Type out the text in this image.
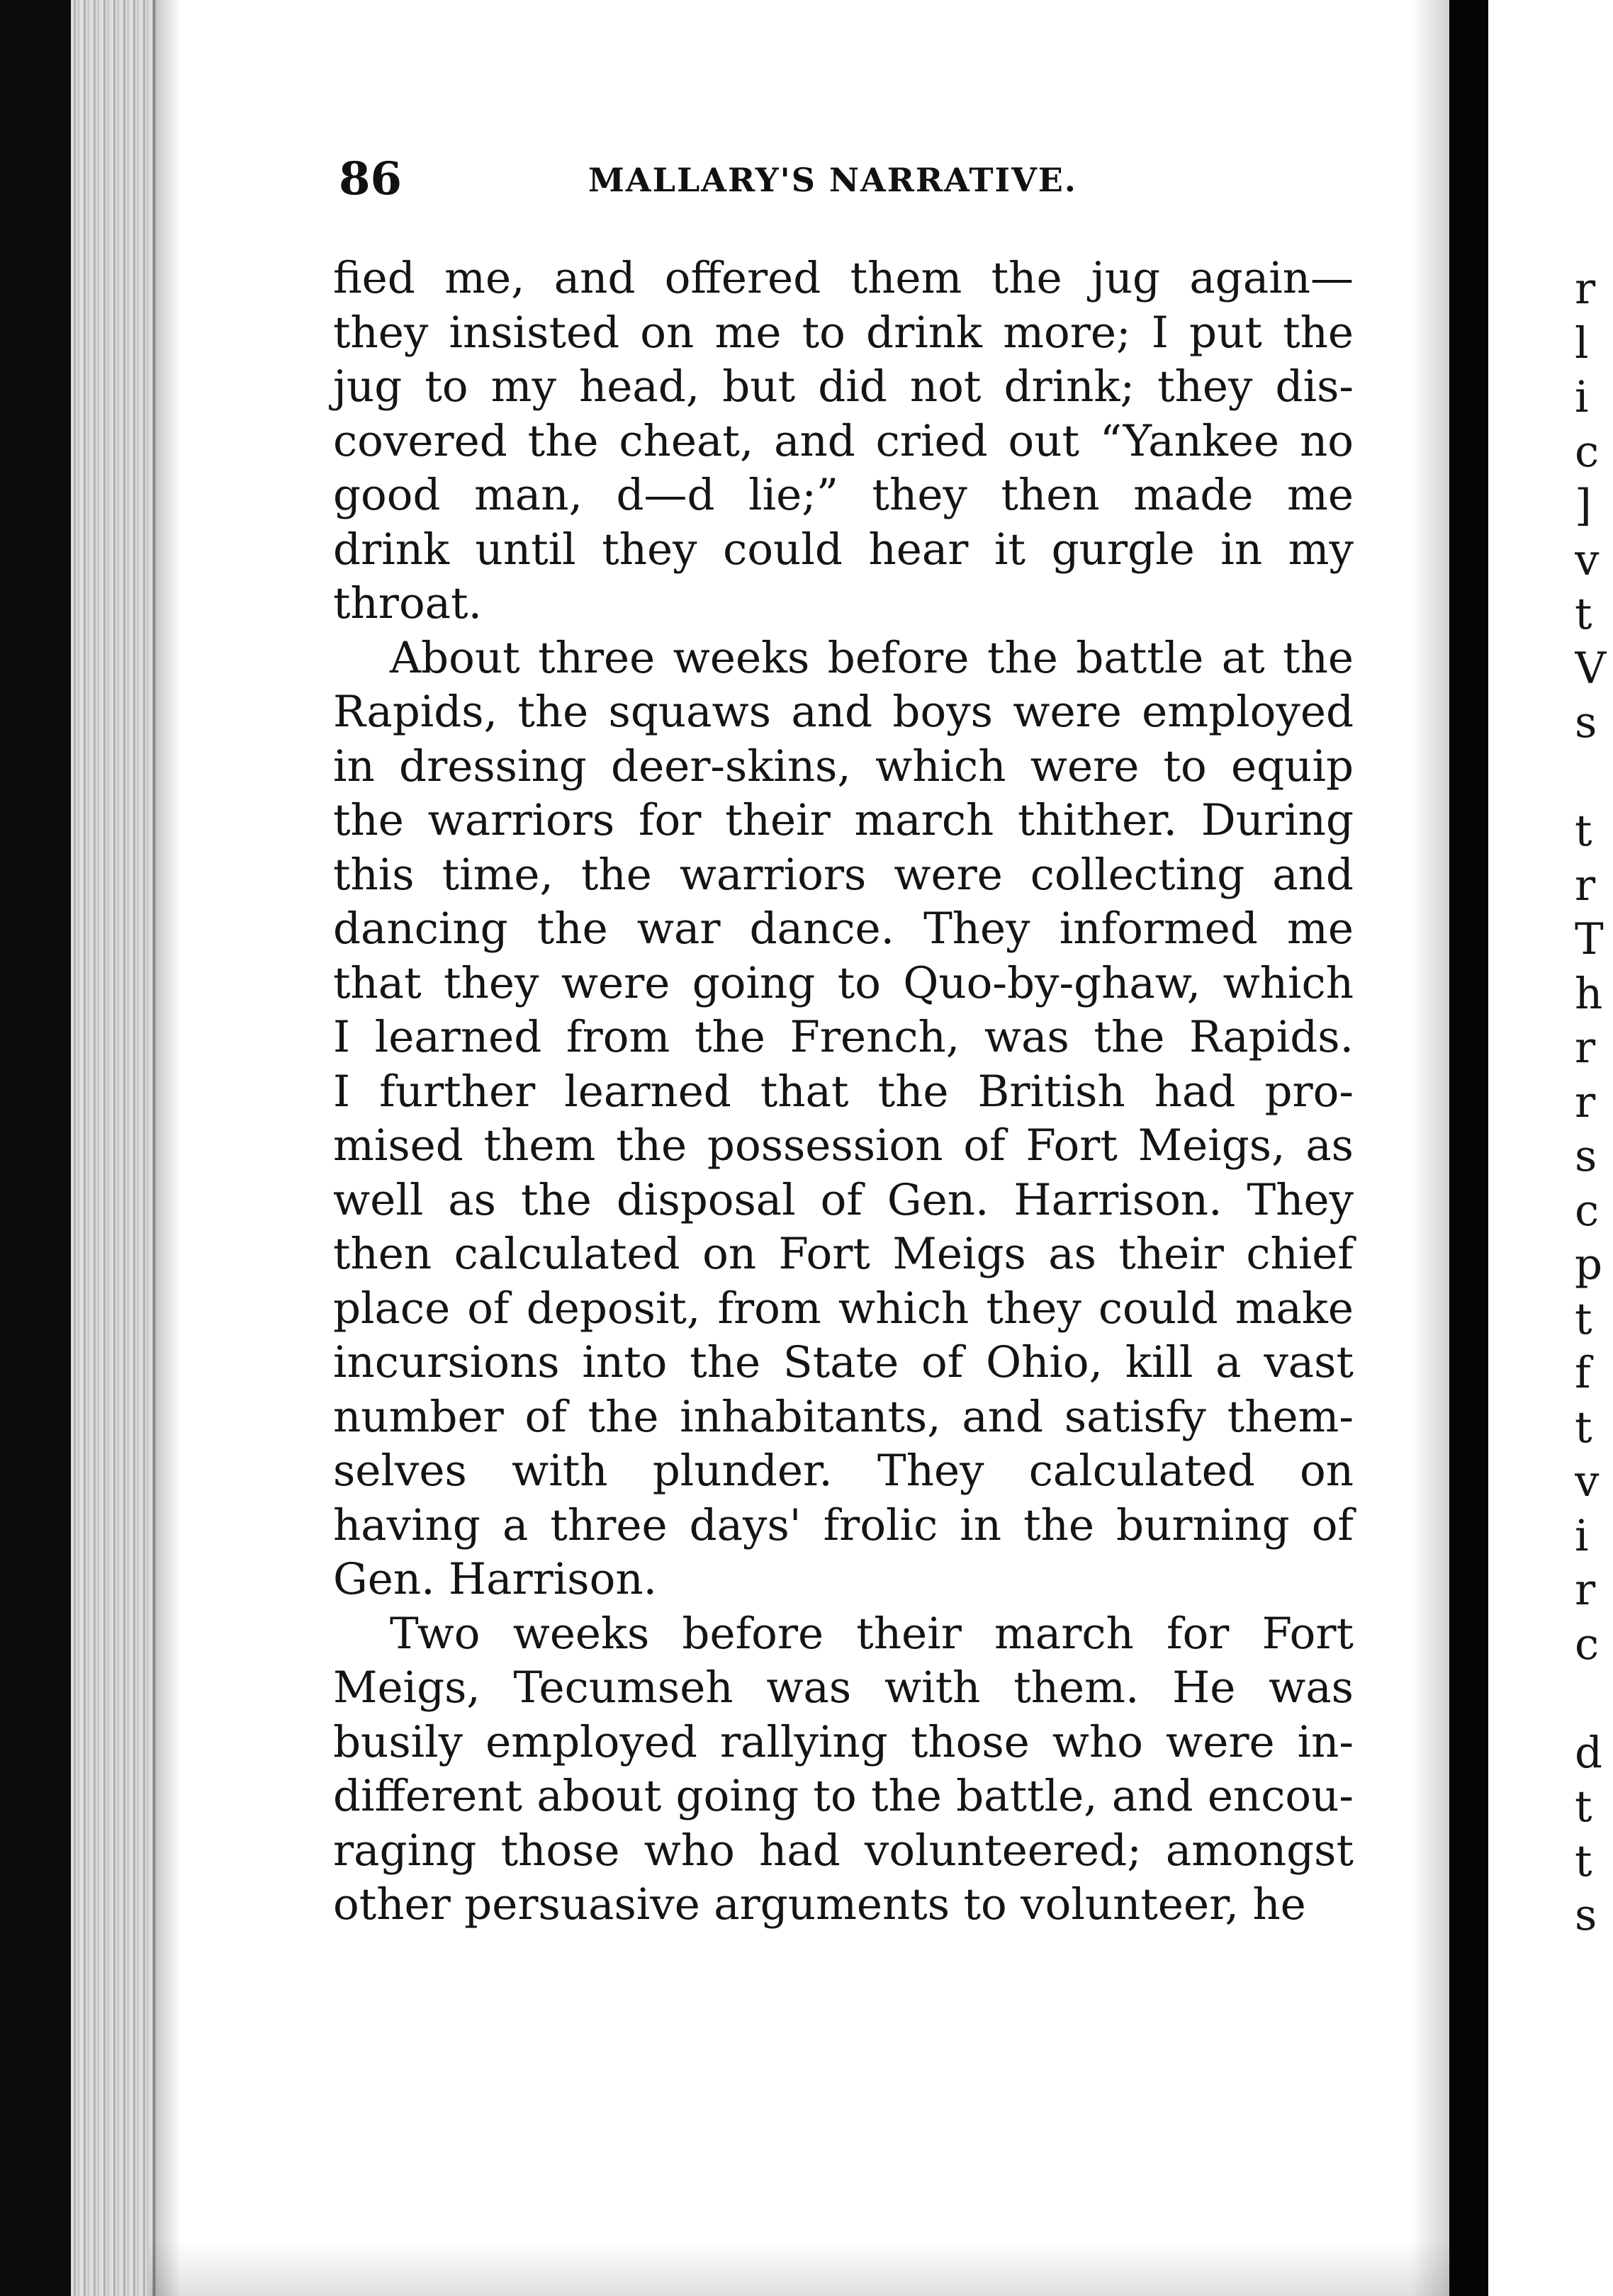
86	MALLARY'S NARRATIVE.
fied me, and offered them the jug again—
they insisted on me to drink more; I put the
jug to my head, but did not drink; they dis-
covered the cheat, and cried out “Yankee no
good man, d—d lie;” they then made me
drink until they could hear it gurgle in my
throat.
About three weeks before the battle at the
Rapids, the squaws and boys were employed
in dressing deer-skins, which were to equip
the warriors for their march thither. During
this time, the warriors were collecting and
dancing the war dance. They informed me
that they were going to Quo-by-ghaw, which
I learned from the French, was the Rapids.
I further learned that the British had pro-
mised them the possession of Fort Meigs, as
well as the disposal of Gen. Harrison. They
then calculated on Fort Meigs as their chief
place of deposit, from which they could make
incursions into the State of Ohio, kill a vast
number of the inhabitants, and satisfy them-
selves with plunder. They calculated on
having a three days' frolic in the burning of
Gen. Harrison.
Two weeks before their march for Fort
Meigs, Tecumseh was with them. He was
busily employed rallying those who were in-
different about going to the battle, and encou-
raging those who had volunteered; amongst
other persuasive arguments to volunteer, he
r
l
i
c
]
v
t
V
s
t
r
T
h
r
r
s
c
p
t
f
t
v
i
r
c
d
t
t
s
